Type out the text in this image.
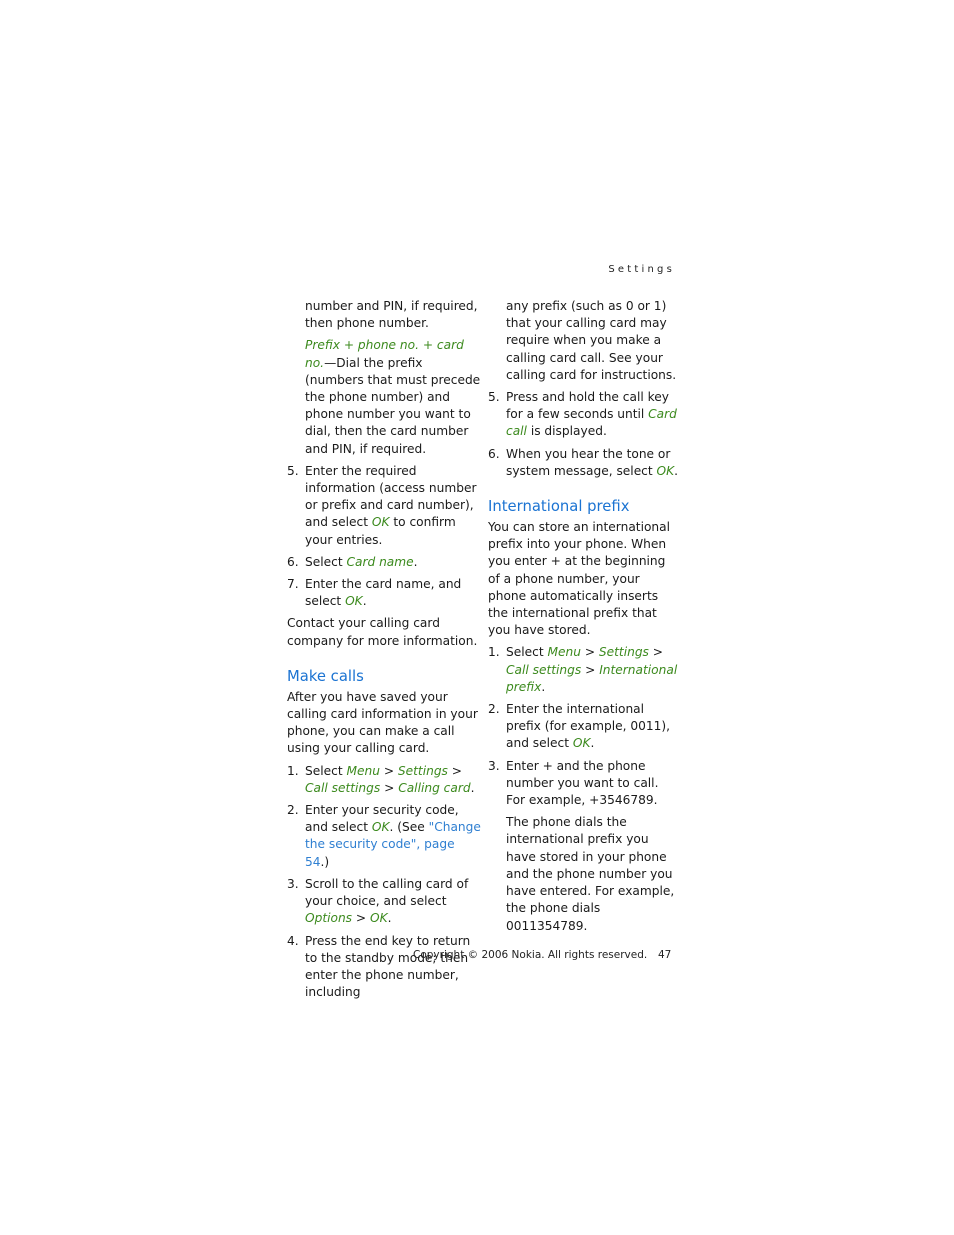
Settings

number and PIN, if required, then phone number.

Prefix + phone no. + card no.—Dial the prefix (numbers that must precede the phone number) and phone number you want to dial, then the card number and PIN, if required.

5. Enter the required information (access number or prefix and card number), and select OK to confirm your entries.
6. Select Card name.
7. Enter the card name, and select OK.

Contact your calling card company for more information.

Make calls

After you have saved your calling card information in your phone, you can make a call using your calling card.

1. Select Menu > Settings > Call settings > Calling card.
2. Enter your security code, and select OK. (See "Change the security code", page 54.)
3. Scroll to the calling card of your choice, and select Options > OK.
4. Press the end key to return to the standby mode; then enter the phone number, including

any prefix (such as 0 or 1) that your calling card may require when you make a calling card call. See your calling card for instructions.

5. Press and hold the call key for a few seconds until Card call is displayed.
6. When you hear the tone or system message, select OK.
International prefix

You can store an international prefix into your phone. When you enter + at the beginning of a phone number, your phone automatically inserts the international prefix that you have stored.

1. Select Menu > Settings > Call settings > International prefix.
2. Enter the international prefix (for example, 0011), and select OK.
3. Enter + and the phone number you want to call. For example, +3546789.

The phone dials the international prefix you have stored in your phone and the phone number you have entered. For example, the phone dials 0011354789.

Copyright © 2006 Nokia. All rights reserved. 47
